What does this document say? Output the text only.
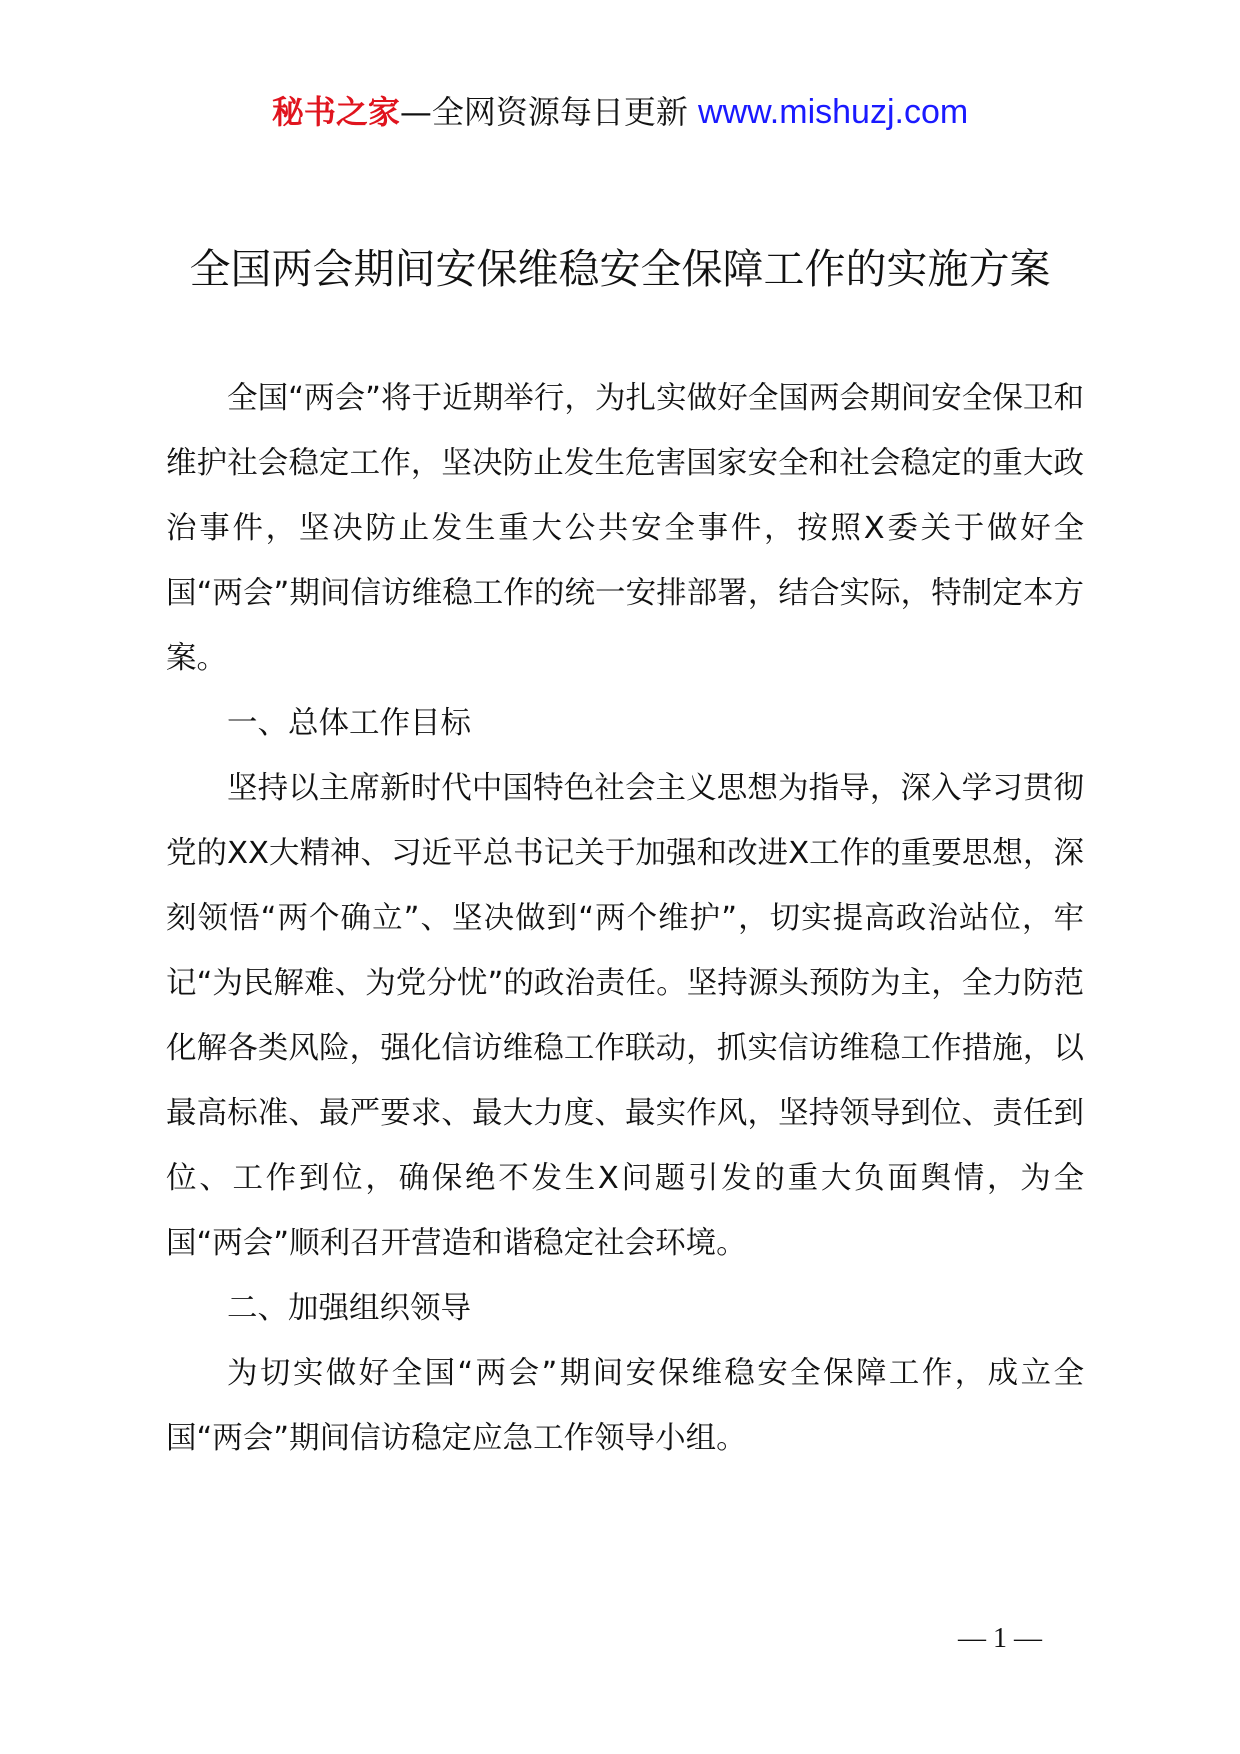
秘书之家—全网资源每日更新 www.mishuzj.com
全国两会期间安保维稳安全保障工作的实施方案

全国“两会”将于近期举行，为扎实做好全国两会期间安全保卫和维护社会稳定工作，坚决防止发生危害国家安全和社会稳定的重大政治事件，坚决防止发生重大公共安全事件，按照X委关于做好全国“两会”期间信访维稳工作的统一安排部署，结合实际，特制定本方案。

一、总体工作目标

坚持以主席新时代中国特色社会主义思想为指导，深入学习贯彻党的XX大精神、习近平总书记关于加强和改进X工作的重要思想，深刻领悟“两个确立”、坚决做到“两个维护”，切实提高政治站位，牢记“为民解难、为党分忧”的政治责任。坚持源头预防为主，全力防范化解各类风险，强化信访维稳工作联动，抓实信访维稳工作措施，以最高标准、最严要求、最大力度、最实作风，坚持领导到位、责任到位、工作到位，确保绝不发生X问题引发的重大负面舆情，为全国“两会”顺利召开营造和谐稳定社会环境。

二、加强组织领导

为切实做好全国“两会”期间安保维稳安全保障工作，成立全国“两会”期间信访稳定应急工作领导小组。

— 1 —
